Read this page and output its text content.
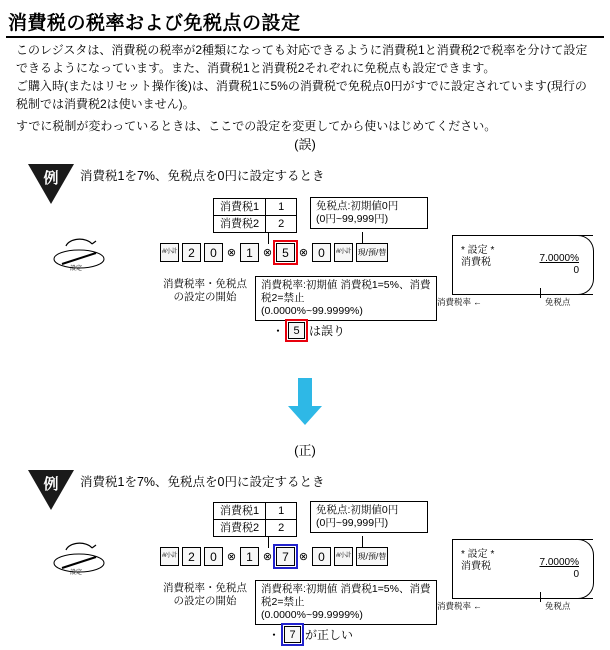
消費税の税率および免税点の設定

このレジスタは、消費税の税率が2種類になっても対応できるように消費税1と消費税2で税率を分けて設定

できるようになっています。また、消費税1と消費税2それぞれに免税点も設定できます。

ご購入時(またはリセット操作後)は、消費税1に5%の消費税で免税点0円がすでに設定されています(現行の

税制では消費税2は使いません)。

すでに税制が変わっているときは、ここでの設定を変更してから使いはじめてください。

(誤)
例	消費税1を7%、免税点を0円に設定するとき
消費税1	1
消費税2	2
免税点:初期値0円
(0円~99,999円)
設定
#/小計 2	0 ⊗ 1 ⊗ 5 ⊗ 0	#/小計 現/預/替
消費税率・免税点
の設定の開始
消費税率:初期値 消費税1=5%、消費税2=禁止
(0.0000%~99.9999%)
* 設定 *
消費税	7.0000%
0
消費税率 ←	免税点
・ 5 は誤り
(正)
例	消費税1を7%、免税点を0円に設定するとき
消費税1	1
消費税2	2
免税点:初期値0円
(0円~99,999円)
設定
#/小計 2	0 ⊗ 1 ⊗ 7 ⊗ 0	#/小計 現/預/替
消費税率・免税点
の設定の開始
消費税率:初期値 消費税1=5%、消費税2=禁止
(0.0000%~99.9999%)
* 設定 *
消費税	7.0000%
0
消費税率 ←	免税点
・ 7 が正しい
